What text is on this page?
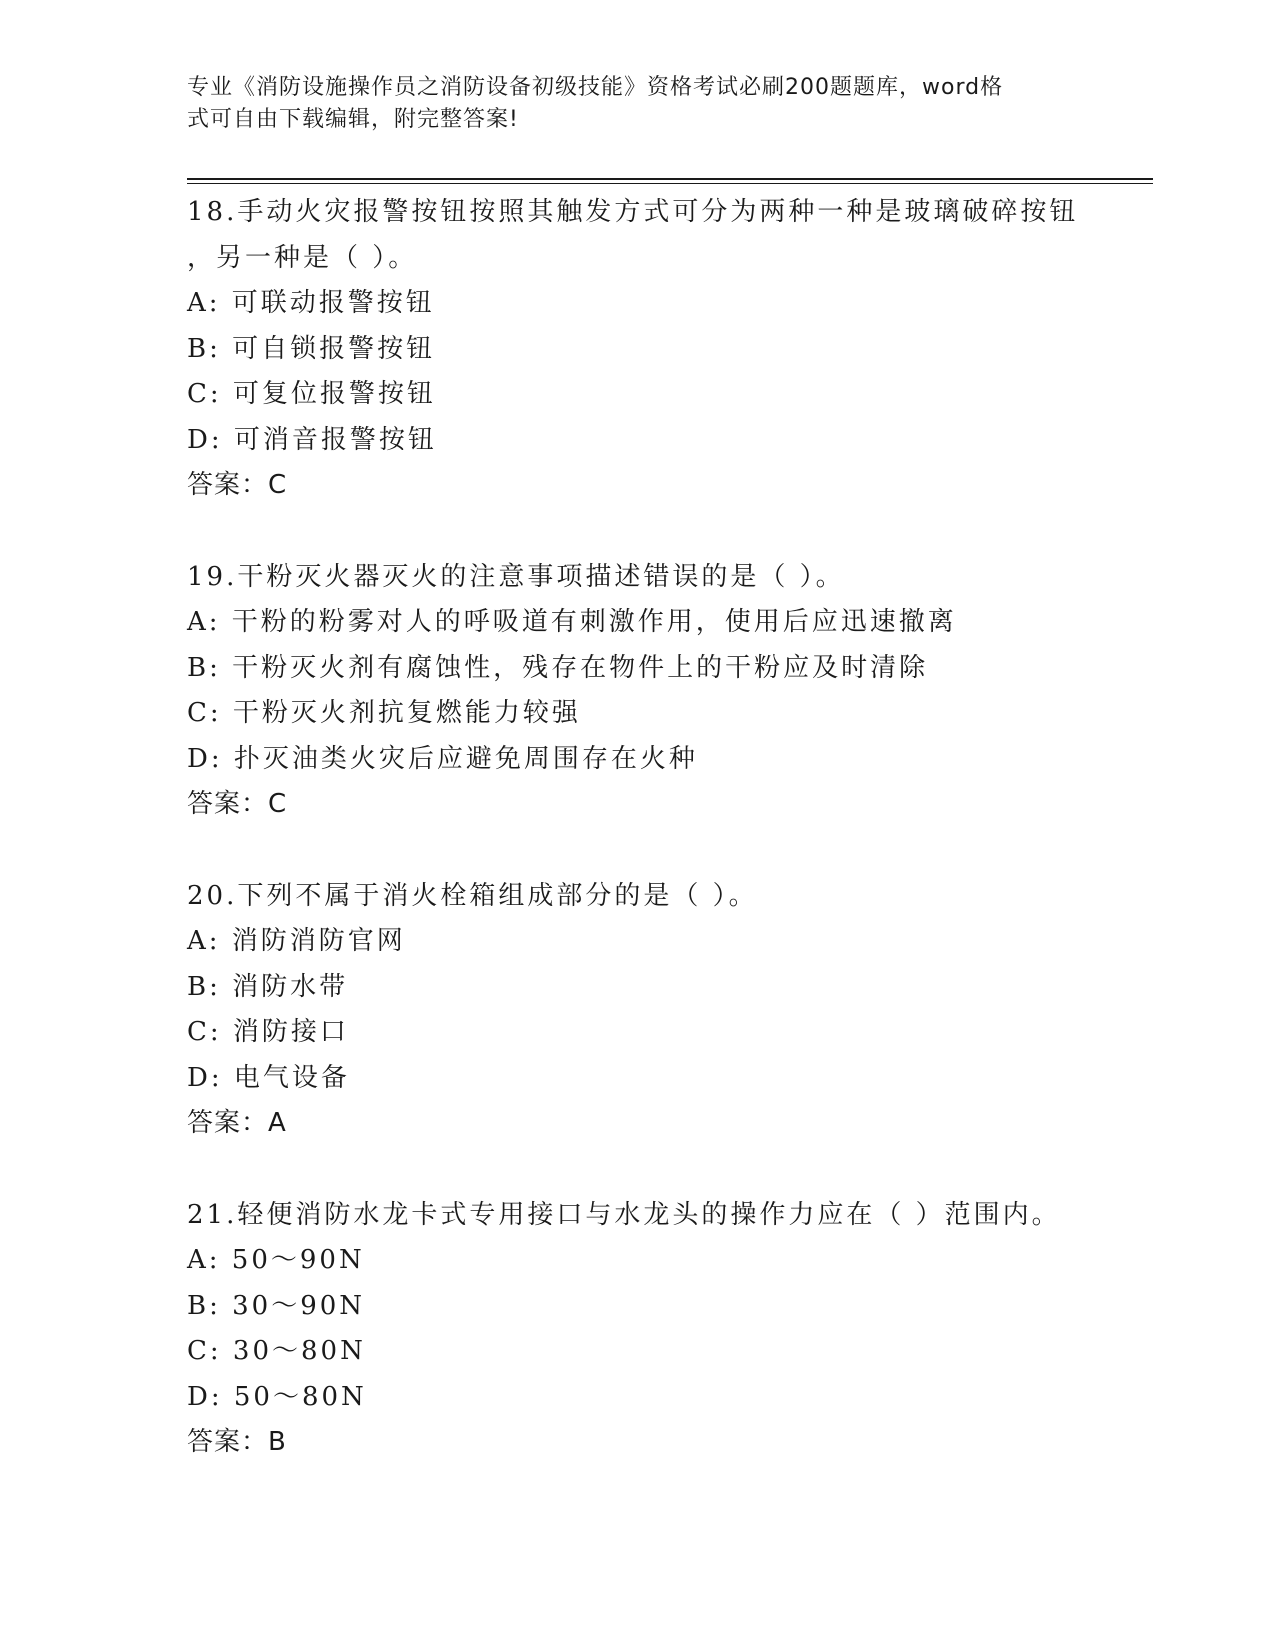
专业《消防设施操作员之消防设备初级技能》资格考试必刷200题题库，word格
式可自由下载编辑，附完整答案!
18.手动火灾报警按钮按照其触发方式可分为两种一种是玻璃破碎按钮
，另一种是（ ）。
A: 可联动报警按钮
B: 可自锁报警按钮
C: 可复位报警按钮
D: 可消音报警按钮
答案：C
19.干粉灭火器灭火的注意事项描述错误的是（ ）。
A: 干粉的粉雾对人的呼吸道有刺激作用，使用后应迅速撤离
B: 干粉灭火剂有腐蚀性，残存在物件上的干粉应及时清除
C: 干粉灭火剂抗复燃能力较强
D: 扑灭油类火灾后应避免周围存在火种
答案：C
20.下列不属于消火栓箱组成部分的是（ ）。
A: 消防消防官网
B: 消防水带
C: 消防接口
D: 电气设备
答案：A
21.轻便消防水龙卡式专用接口与水龙头的操作力应在（ ）范围内。
A: 50～90N
B: 30～90N
C: 30～80N
D: 50～80N
答案：B
